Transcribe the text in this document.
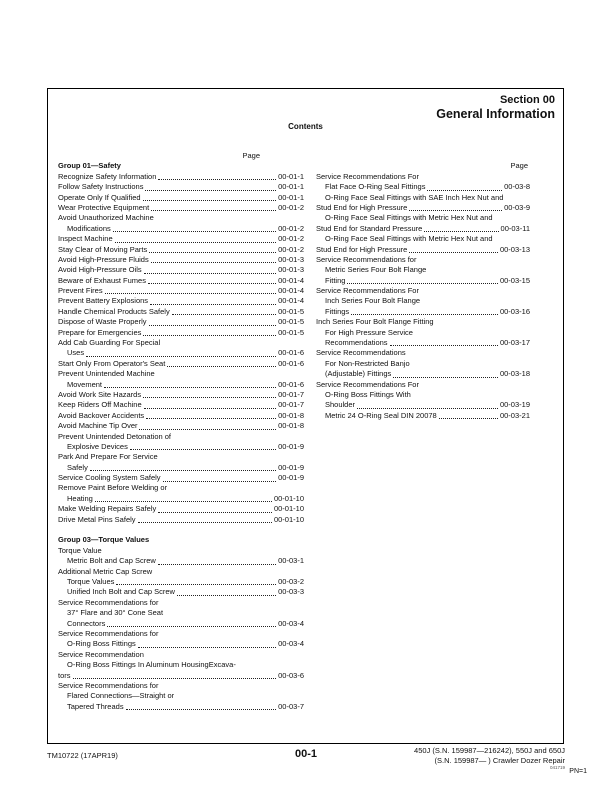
Section 00
General Information
Contents
Page
Group 01—Safety
Recognize Safety Information	00-01-1
Follow Safety Instructions	00-01-1
Operate Only If Qualified	00-01-1
Wear Protective Equipment	00-01-2
Avoid Unauthorized Machine
Modifications	00-01-2
Inspect Machine	00-01-2
Stay Clear of Moving Parts	00-01-2
Avoid High-Pressure Fluids	00-01-3
Avoid High-Pressure Oils	00-01-3
Beware of Exhaust Fumes	00-01-4
Prevent Fires	00-01-4
Prevent Battery Explosions	00-01-4
Handle Chemical Products Safely	00-01-5
Dispose of Waste Properly	00-01-5
Prepare for Emergencies	00-01-5
Add Cab Guarding For Special
Uses	00-01-6
Start Only From Operator's Seat	00-01-6
Prevent Unintended Machine
Movement	00-01-6
Avoid Work Site Hazards	00-01-7
Keep Riders Off Machine	00-01-7
Avoid Backover Accidents	00-01-8
Avoid Machine Tip Over	00-01-8
Prevent Unintended Detonation of
Explosive Devices	00-01-9
Park And Prepare For Service
Safely	00-01-9
Service Cooling System Safely	00-01-9
Remove Paint Before Welding or
Heating	00-01-10
Make Welding Repairs Safely	00-01-10
Drive Metal Pins Safely	00-01-10
Group 03—Torque Values
Torque Value
Metric Bolt and Cap Screw	00-03-1
Additional Metric Cap Screw
Torque Values	00-03-2
Unified Inch Bolt and Cap Screw	00-03-3
Service Recommendations for
37° Flare and 30° Cone Seat
Connectors	00-03-4
Service Recommendations for
O-Ring Boss Fittings	00-03-4
Service Recommendation
O-Ring Boss Fittings In Aluminum HousingExcava-
tors	00-03-6
Service Recommendations for
Flared Connections—Straight or
Tapered Threads	00-03-7
Page
Service Recommendations For
Flat Face O-Ring Seal Fittings	00-03-8
O-Ring Face Seal Fittings with SAE Inch Hex Nut and
Stud End for High Pressure	00-03-9
O-Ring Face Seal Fittings with Metric Hex Nut and
Stud End for Standard Pressure	00-03-11
O-Ring Face Seal Fittings with Metric Hex Nut and
Stud End for High Pressure	00-03-13
Service Recommendations for
Metric Series Four Bolt Flange
Fitting	00-03-15
Service Recommendations For
Inch Series Four Bolt Flange
Fittings	00-03-16
Inch Series Four Bolt Flange Fitting
For High Pressure Service
Recommendations	00-03-17
Service Recommendations
For Non-Restricted Banjo
(Adjustable) Fittings	00-03-18
Service Recommendations For
O-Ring Boss Fittings With
Shoulder	00-03-19
Metric 24 O-Ring Seal DIN 20078	00-03-21
TM10722 (17APR19)	00-1	450J (S.N. 159987—216242), 550J and 650J
(S.N. 159987— ) Crawler Dozer Repair
041719
PN=1
